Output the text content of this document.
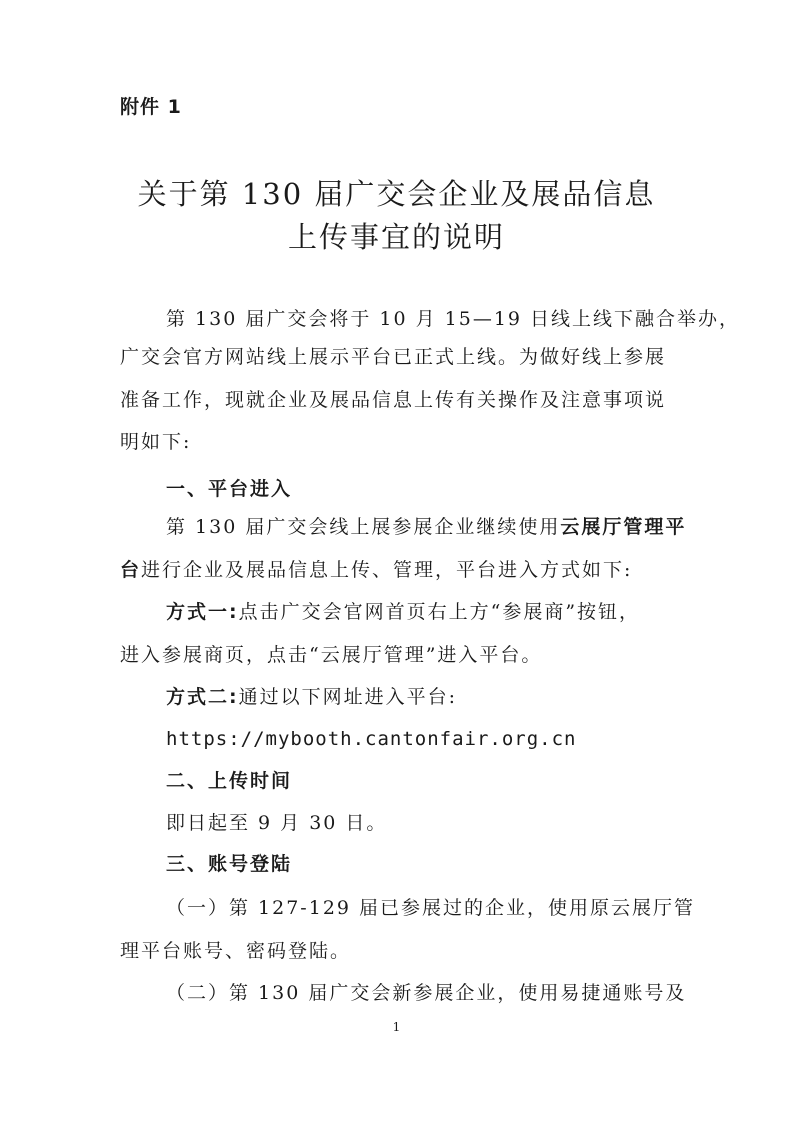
附件 1
关于第 130 届广交会企业及展品信息
上传事宜的说明
第 130 届广交会将于 10 月 15—19 日线上线下融合举办，
广交会官方网站线上展示平台已正式上线。为做好线上参展
准备工作，现就企业及展品信息上传有关操作及注意事项说
明如下:
一、平台进入
第 130 届广交会线上展参展企业继续使用云展厅管理平
台进行企业及展品信息上传、管理，平台进入方式如下:
方式一:点击广交会官网首页右上方“参展商”按钮，
进入参展商页，点击“云展厅管理”进入平台。
方式二:通过以下网址进入平台:
https://mybooth.cantonfair.org.cn
二、上传时间
即日起至 9 月 30 日。
三、账号登陆
（一）第 127-129 届已参展过的企业，使用原云展厅管
理平台账号、密码登陆。
（二）第 130 届广交会新参展企业，使用易捷通账号及
1
